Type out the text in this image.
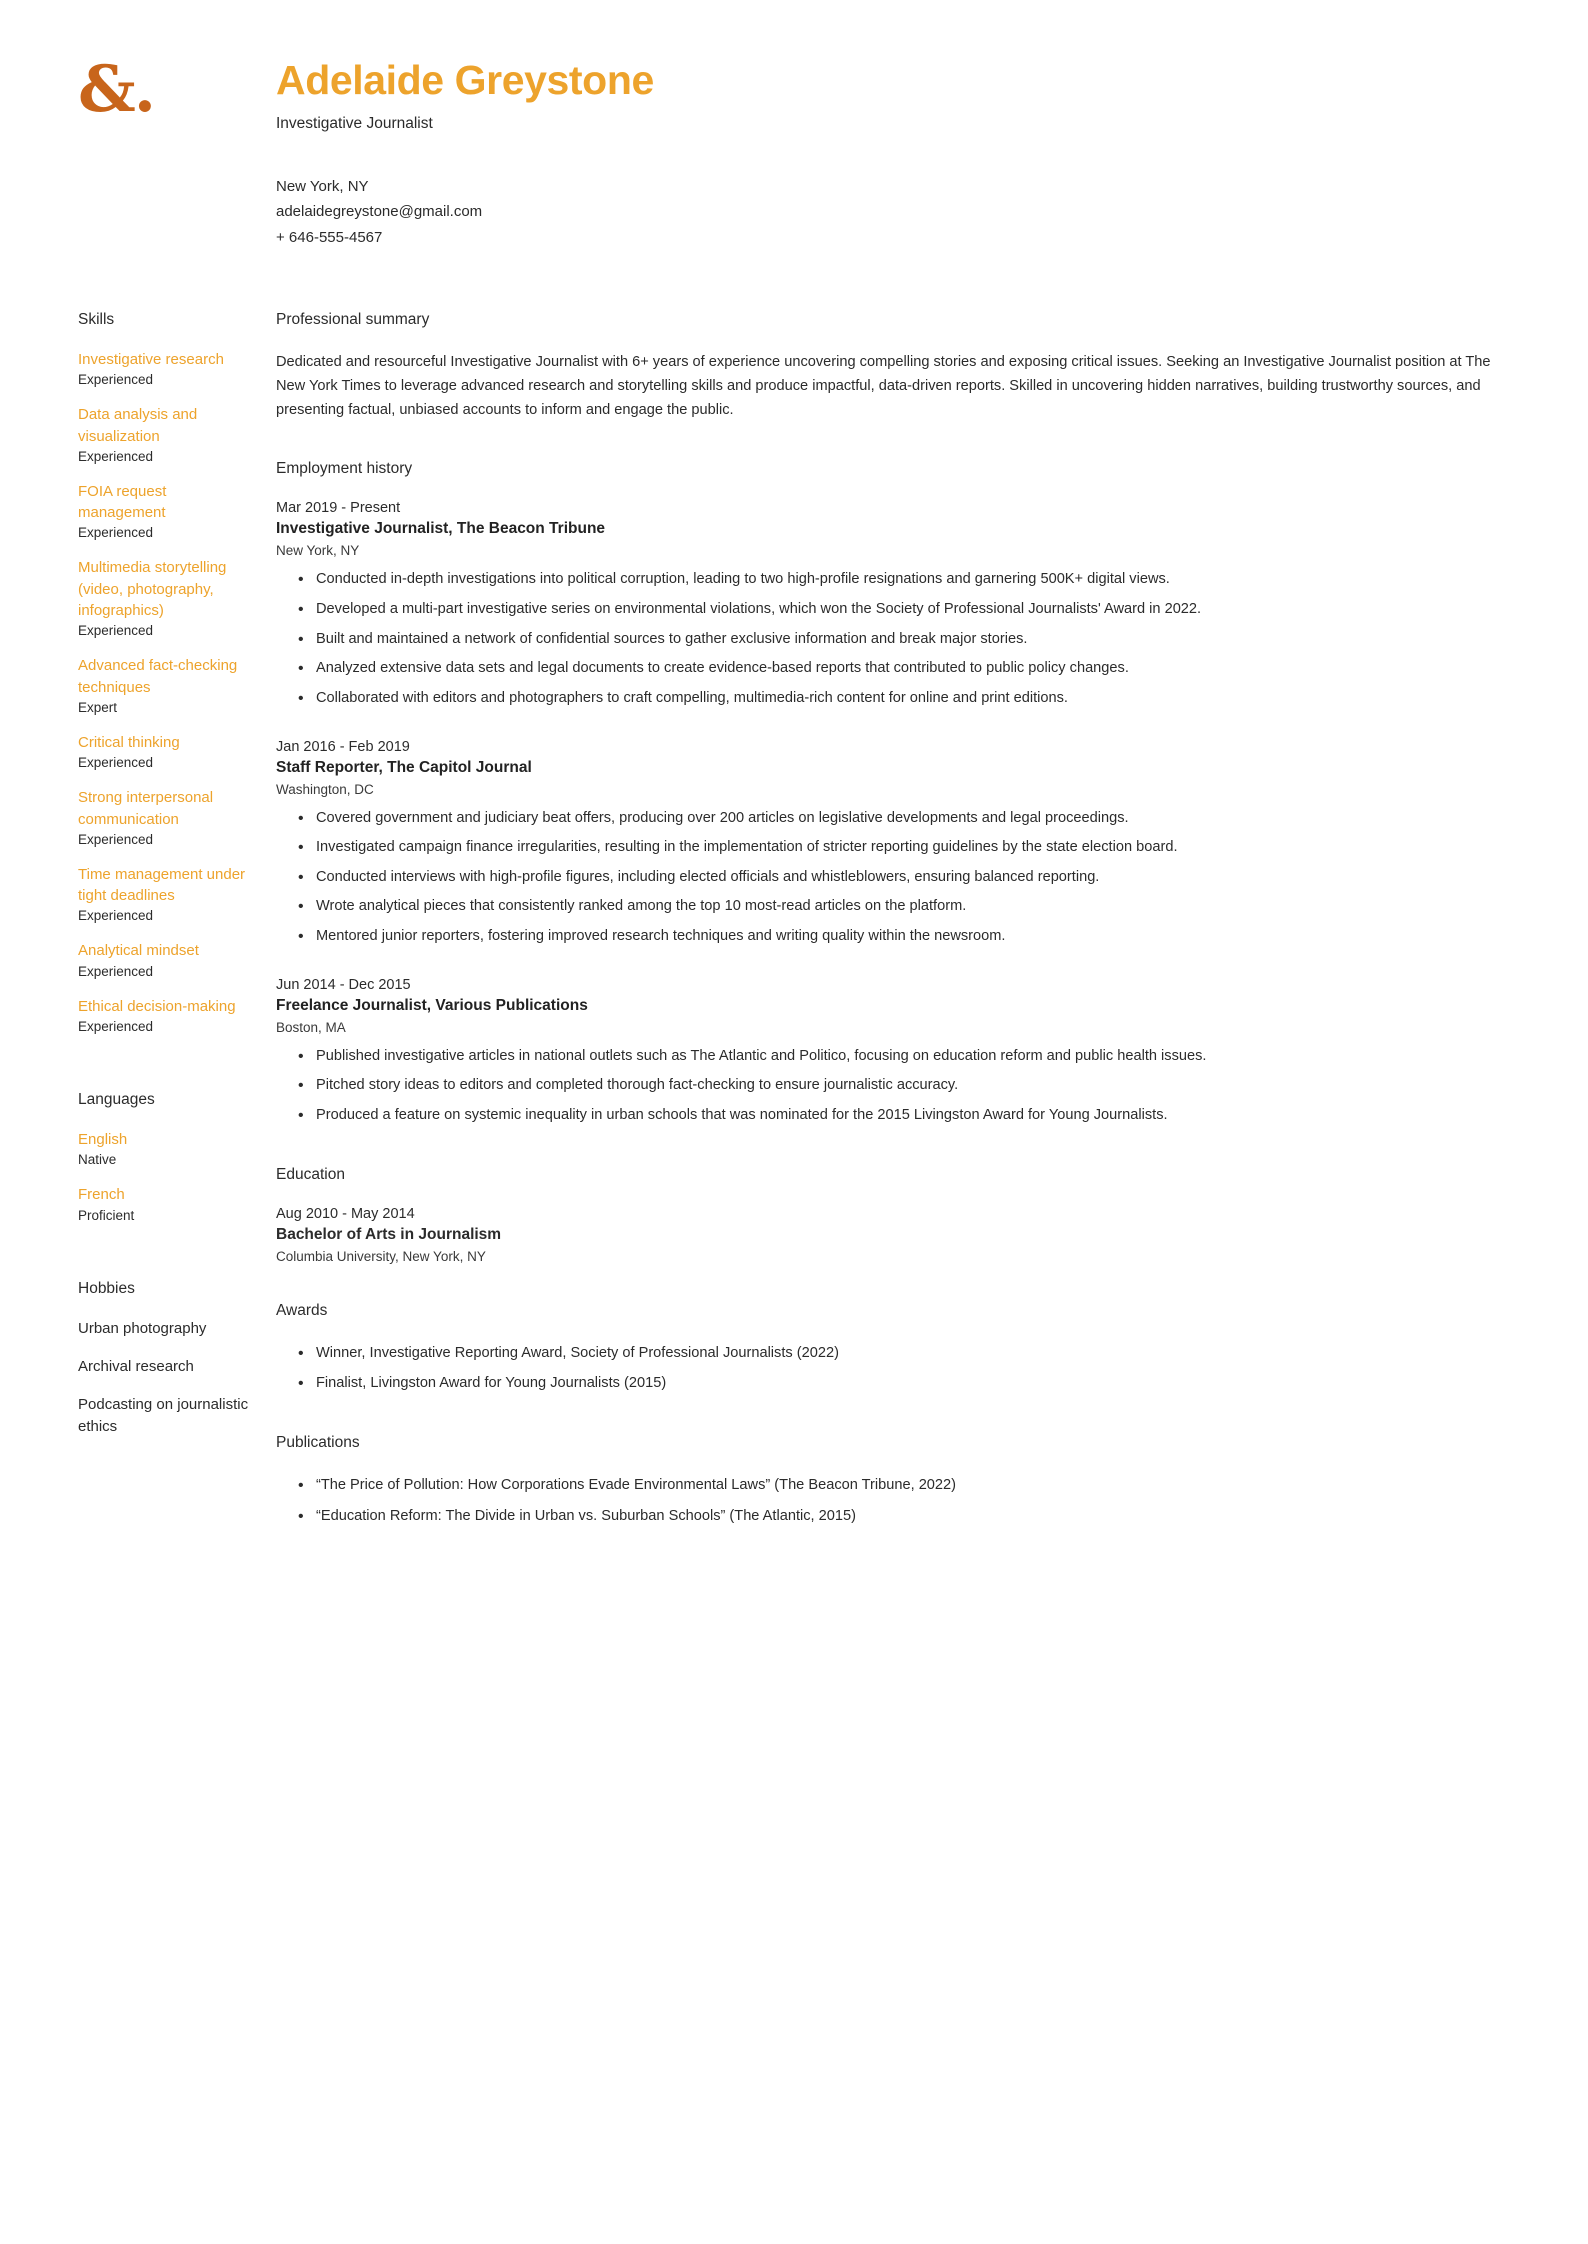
&.	Adelaide Greystone

Investigative Journalist

New York, NY
adelaidegreystone@gmail.com
+ 646-555-4567
Skills
Investigative research
Experienced
Data analysis and visualization
Experienced
FOIA request management
Experienced
Multimedia storytelling (video, photography, infographics)
Experienced
Advanced fact-checking techniques
Expert
Critical thinking
Experienced
Strong interpersonal communication
Experienced
Time management under tight deadlines
Experienced
Analytical mindset
Experienced
Ethical decision-making
Experienced
Languages
English
Native
French
Proficient
Hobbies
Urban photography
Archival research
Podcasting on journalistic ethics
Professional summary

Dedicated and resourceful Investigative Journalist with 6+ years of experience uncovering compelling stories and exposing critical issues. Seeking an Investigative Journalist position at The New York Times to leverage advanced research and storytelling skills and produce impactful, data-driven reports. Skilled in uncovering hidden narratives, building trustworthy sources, and presenting factual, unbiased accounts to inform and engage the public.

Employment history
Mar 2019 - Present
Investigative Journalist, The Beacon Tribune
New York, NY
• Conducted in-depth investigations into political corruption, leading to two high-profile resignations and garnering 500K+ digital views.
• Developed a multi-part investigative series on environmental violations, which won the Society of Professional Journalists' Award in 2022.
• Built and maintained a network of confidential sources to gather exclusive information and break major stories.
• Analyzed extensive data sets and legal documents to create evidence-based reports that contributed to public policy changes.
• Collaborated with editors and photographers to craft compelling, multimedia-rich content for online and print editions.
Jan 2016 - Feb 2019
Staff Reporter, The Capitol Journal
Washington, DC
• Covered government and judiciary beat offers, producing over 200 articles on legislative developments and legal proceedings.
• Investigated campaign finance irregularities, resulting in the implementation of stricter reporting guidelines by the state election board.
• Conducted interviews with high-profile figures, including elected officials and whistleblowers, ensuring balanced reporting.
• Wrote analytical pieces that consistently ranked among the top 10 most-read articles on the platform.
• Mentored junior reporters, fostering improved research techniques and writing quality within the newsroom.
Jun 2014 - Dec 2015
Freelance Journalist, Various Publications
Boston, MA
• Published investigative articles in national outlets such as The Atlantic and Politico, focusing on education reform and public health issues.
• Pitched story ideas to editors and completed thorough fact-checking to ensure journalistic accuracy.
• Produced a feature on systemic inequality in urban schools that was nominated for the 2015 Livingston Award for Young Journalists.
Education
Aug 2010 - May 2014
Bachelor of Arts in Journalism
Columbia University, New York, NY
Awards
• Winner, Investigative Reporting Award, Society of Professional Journalists (2022)
• Finalist, Livingston Award for Young Journalists (2015)
Publications
• “The Price of Pollution: How Corporations Evade Environmental Laws” (The Beacon Tribune, 2022)
• “Education Reform: The Divide in Urban vs. Suburban Schools” (The Atlantic, 2015)
